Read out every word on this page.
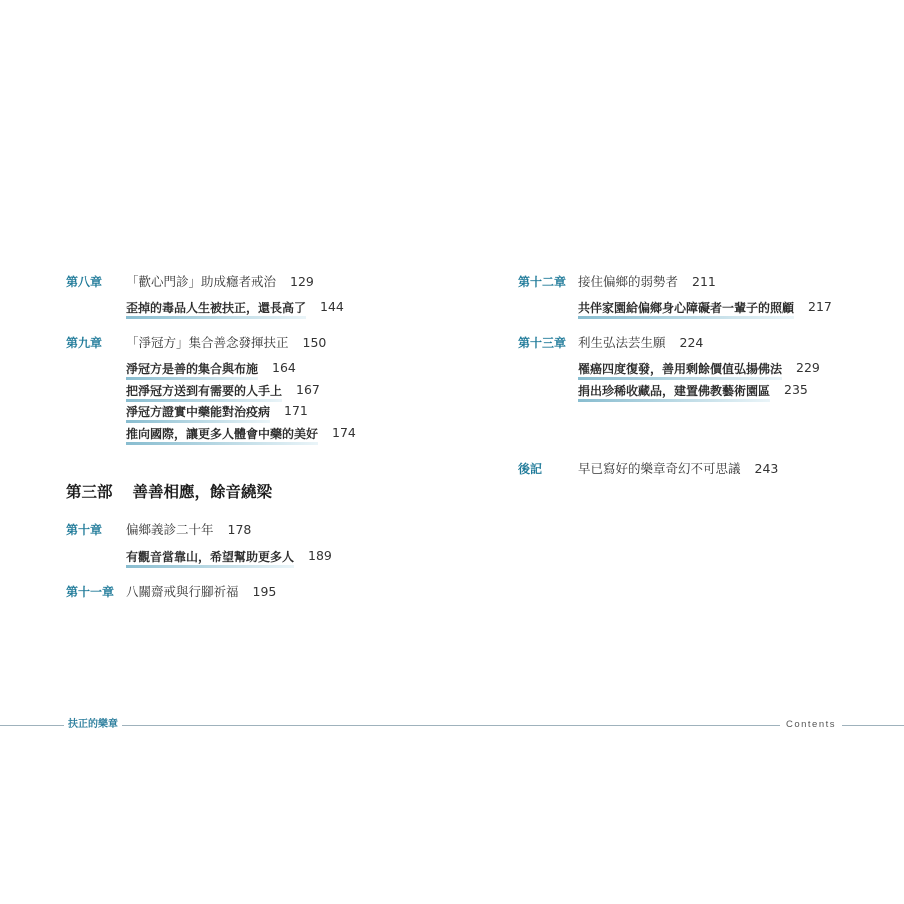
第八章 「歡心門診」助成癮者戒治 129
歪掉的毒品人生被扶正，還長高了 $^{144}$
第九章 「淨冠方」集合善念發揮扶正 150
淨冠方是善的集合與布施 $^{164}$
把淨冠方送到有需要的人手上 $^{167}$
淨冠方證實中藥能對治疫病 $^{171}$
推向國際，讓更多人體會中藥的美好 $^{174}$
第三部 善善相應，餘音繞梁
第十章 偏鄉義診二十年 178
有觀音當靠山，希望幫助更多人 $^{189}$
第十一章 八關齋戒與行腳祈福 195
第十二章 接住偏鄉的弱勢者 211
共伴家園給偏鄉身心障礙者一輩子的照顧 $^{217}$
第十三章 利生弘法芸生願 224
罹癌四度復發，善用剩餘價值弘揚佛法 $^{229}$
捐出珍稀收藏品，建置佛教藝術園區 $^{235}$
後記	早已寫好的樂章奇幻不可思議 243
扶正的樂章	Contents
